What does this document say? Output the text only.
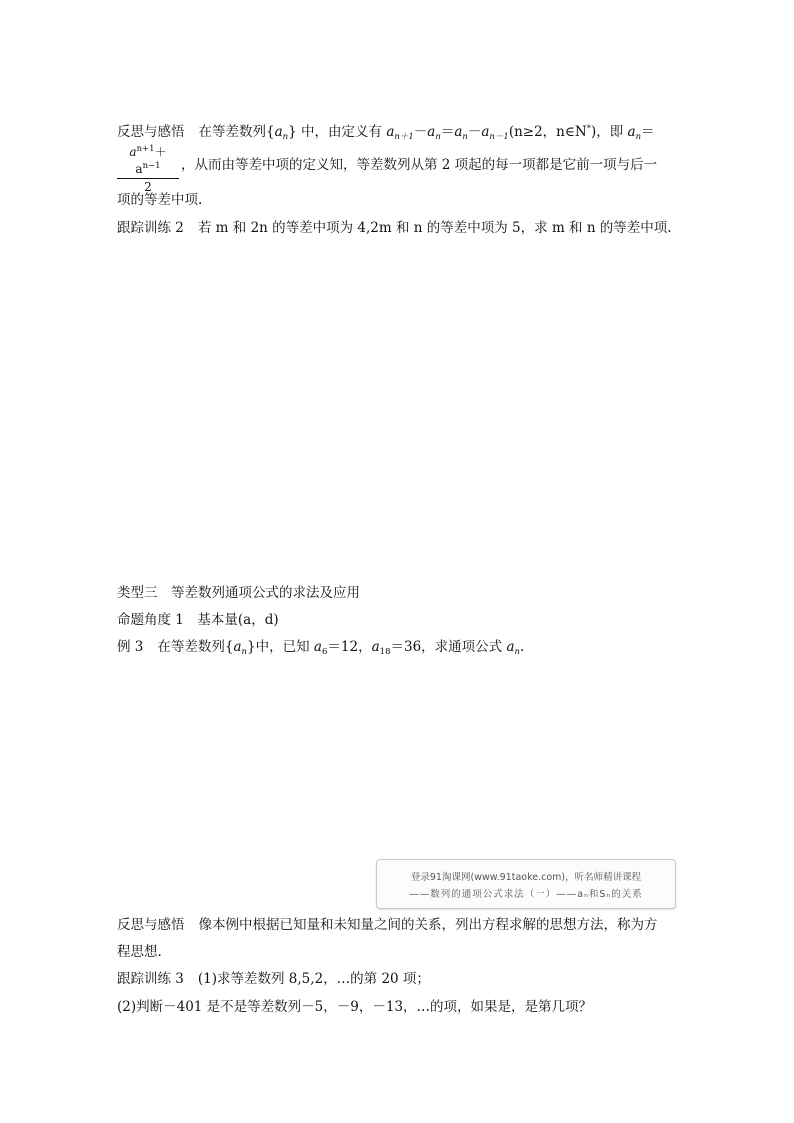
反思与感悟 在等差数列$\{a_n\}$ 中，由定义有 $a_{n+1}-a_n=a_n-a_{n-1}(n\ge 2$，n∈N*)，即 $a_n=$
$\frac{a^{n+1}+a^{n-1}}{2}$ ，从而由等差中项的定义知，等差数列从第 2 项起的每一项都是它前一项与后一
项的等差中项.
跟踪训练 2 若 m 和 2n 的等差中项为 4,2m 和 n 的等差中项为 5，求 m 和 n 的等差中项.
类型三　等差数列通项公式的求法及应用
命题角度 1　基本量(a，d)
例 3 在等差数列$\{a_n\}$中，已知 $a_6=12$，$a_{18}=36$，求通项公式 $a_n$.
登录91淘课网(www.91taoke.com)，听名师精讲课程
——数列的通项公式求法（一）——aₙ和Sₙ的关系
反思与感悟 像本例中根据已知量和未知量之间的关系，列出方程求解的思想方法，称为方
程思想.
跟踪训练 3 (1)求等差数列 8,5,2，…的第 20 项；
(2)判断－401 是不是等差数列－5，－9，－13，…的项，如果是，是第几项？
